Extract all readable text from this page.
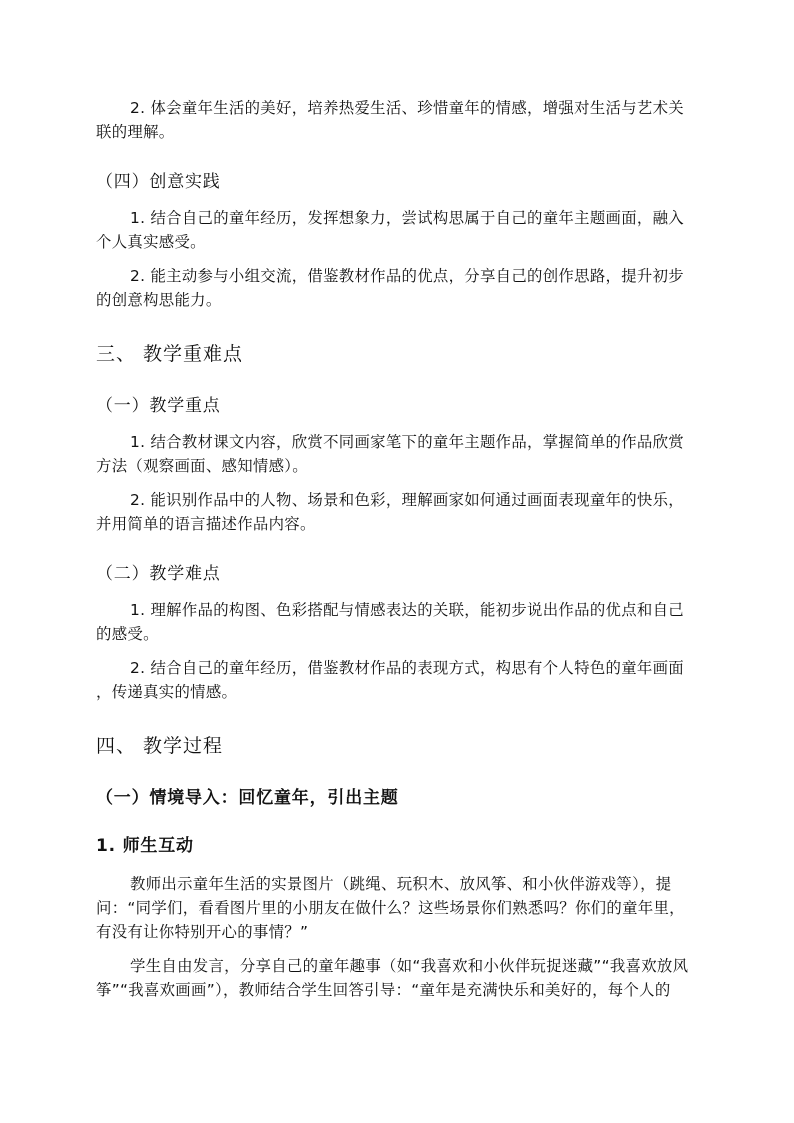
2. 体会童年生活的美好，培养热爱生活、珍惜童年的情感，增强对生活与艺术关
联的理解。
（四）创意实践
1. 结合自己的童年经历，发挥想象力，尝试构思属于自己的童年主题画面，融入
个人真实感受。
2. 能主动参与小组交流，借鉴教材作品的优点，分享自己的创作思路，提升初步
的创意构思能力。
三、 教学重难点
（一）教学重点
1. 结合教材课文内容，欣赏不同画家笔下的童年主题作品，掌握简单的作品欣赏
方法（观察画面、感知情感）。
2. 能识别作品中的人物、场景和色彩，理解画家如何通过画面表现童年的快乐，
并用简单的语言描述作品内容。
（二）教学难点
1. 理解作品的构图、色彩搭配与情感表达的关联，能初步说出作品的优点和自己
的感受。
2. 结合自己的童年经历，借鉴教材作品的表现方式，构思有个人特色的童年画面
，传递真实的情感。
四、 教学过程
（一）情境导入：回忆童年，引出主题
1. 师生互动
教师出示童年生活的实景图片（跳绳、玩积木、放风筝、和小伙伴游戏等），提
问：“同学们，看看图片里的小朋友在做什么？这些场景你们熟悉吗？你们的童年里，
有没有让你特别开心的事情？”
学生自由发言，分享自己的童年趣事（如“我喜欢和小伙伴玩捉迷藏”“我喜欢放风
筝”“我喜欢画画”），教师结合学生回答引导：“童年是充满快乐和美好的，每个人的
